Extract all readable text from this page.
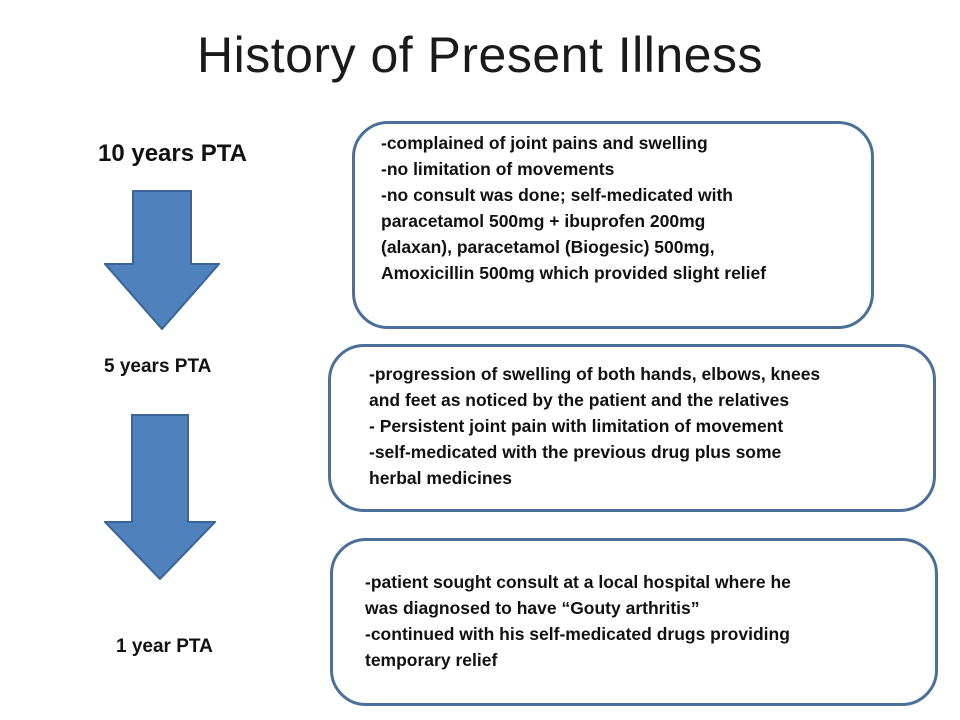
History of Present Illness
10 years PTA
5 years PTA
1 year PTA
-complained of joint pains and swelling
-no limitation of movements
-no consult was done; self-medicated with
paracetamol 500mg + ibuprofen 200mg
(alaxan), paracetamol (Biogesic) 500mg,
Amoxicillin 500mg which provided slight relief
-progression of swelling of both hands, elbows, knees
and feet as noticed by the patient and the relatives
- Persistent joint pain with limitation of movement
-self-medicated with the previous drug plus some
herbal medicines
-patient sought consult at a local hospital where he
was diagnosed to have “Gouty arthritis”
-continued with his self-medicated drugs providing
temporary relief
